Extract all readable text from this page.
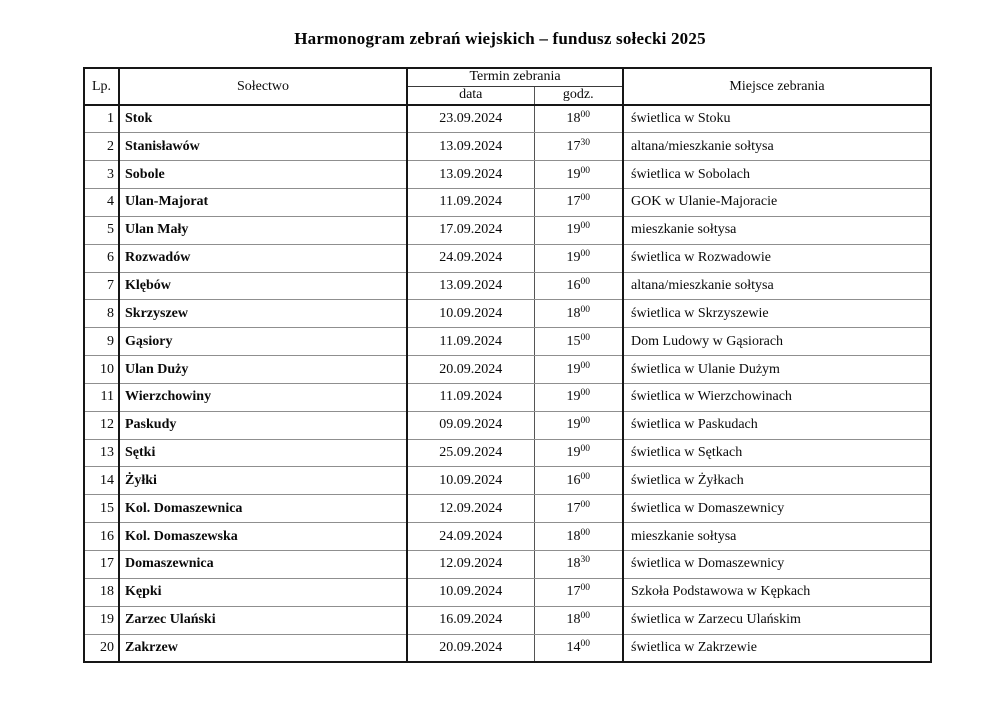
Harmonogram zebrań wiejskich – fundusz sołecki 2025
Lp.	Sołectwo	Termin zebrania		Miejsce zebrania
		data	godz.	
1	Stok	23.09.2024	$18^{00}$	świetlica w Stoku
2	Stanisławów	13.09.2024	$17^{30}$	altana/mieszkanie sołtysa
3	Sobole	13.09.2024	$19^{00}$	świetlica w Sobolach
4	Ulan-Majorat	11.09.2024	$17^{00}$	GOK w Ulanie-Majoracie
5	Ulan Mały	17.09.2024	$19^{00}$	mieszkanie sołtysa
6	Rozwadów	24.09.2024	$19^{00}$	świetlica w Rozwadowie
7	Klębów	13.09.2024	$16^{00}$	altana/mieszkanie sołtysa
8	Skrzyszew	10.09.2024	$18^{00}$	świetlica w Skrzyszewie
9	Gąsiory	11.09.2024	$15^{00}$	Dom Ludowy w Gąsiorach
10	Ulan Duży	20.09.2024	$19^{00}$	świetlica w Ulanie Dużym
11	Wierzchowiny	11.09.2024	$19^{00}$	świetlica w Wierzchowinach
12	Paskudy	09.09.2024	$19^{00}$	świetlica w Paskudach
13	Sętki	25.09.2024	$19^{00}$	świetlica w Sętkach
14	Żyłki	10.09.2024	$16^{00}$	świetlica w Żyłkach
15	Kol. Domaszewnica	12.09.2024	$17^{00}$	świetlica w Domaszewnicy
16	Kol. Domaszewska	24.09.2024	$18^{00}$	mieszkanie sołtysa
17	Domaszewnica	12.09.2024	$18^{30}$	świetlica w Domaszewnicy
18	Kępki	10.09.2024	$17^{00}$	Szkoła Podstawowa w Kępkach
19	Zarzec Ulański	16.09.2024	$18^{00}$	świetlica w Zarzecu Ulańskim
20	Zakrzew	20.09.2024	$14^{00}$	świetlica w Zakrzewie
